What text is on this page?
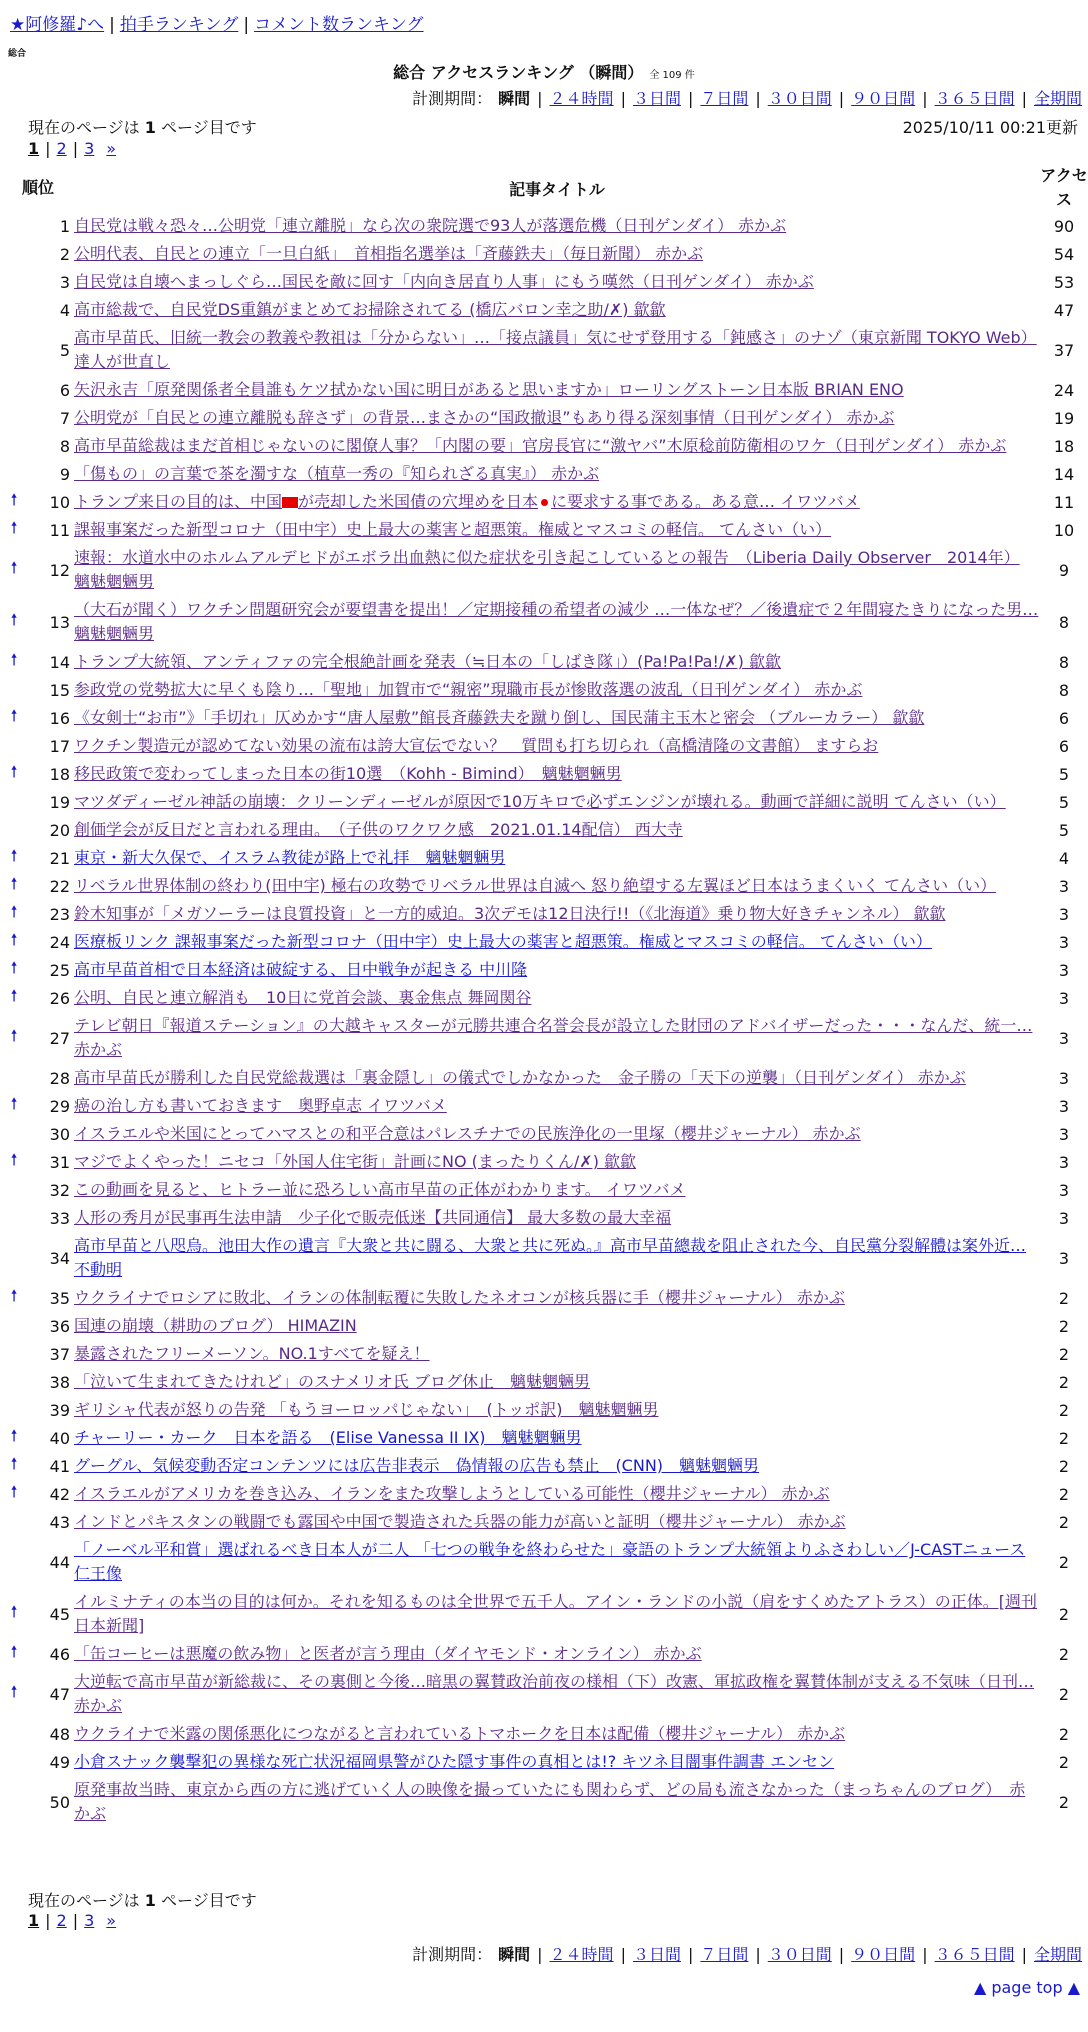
★阿修羅♪へ | 拍手ランキング | コメント数ランキング
総合
総合 アクセスランキング （瞬間） 全 109 件
計測期間： 瞬間 | ２４時間 | ３日間 | ７日間 | ３０日間 | ９０日間 | ３６５日間 | 全期間
現在のページは 1 ページ目です	2025/10/11 00:21更新
1 | 2 | 3 »
順位		記事タイトル	アクセス
	1	自民党は戦々恐々…公明党「連立離脱」なら次の衆院選で93人が落選危機（日刊ゲンダイ） 赤かぶ	90
	2	公明代表、自民との連立「一旦白紙」　首相指名選挙は「斉藤鉄夫」（毎日新聞） 赤かぶ	54
	3	自民党は自壊へまっしぐら…国民を敵に回す「内向き居直り人事」にもう嘆然（日刊ゲンダイ） 赤かぶ	53
	4	高市総裁で、自民党DS重鎮がまとめてお掃除されてる (橋広バロン幸之助/✗) 歙歙	47
	5	高市早苗氏、旧統一教会の教義や教祖は「分からない」…「接点議員」気にせず登用する「鈍感さ」のナゾ（東京新聞 TOKYO Web） 達人が世直し	37
	6	矢沢永吉「原発関係者全員誰もケツ拭かない国に明日があると思いますか」ローリングストーン日本版 BRIAN ENO	24
	7	公明党が「自民との連立離脱も辞さず」の背景…まさかの“国政撤退”もあり得る深刻事情（日刊ゲンダイ） 赤かぶ	19
	8	高市早苗総裁はまだ首相じゃないのに閣僚人事？「内閣の要」官房長官に“激ヤバ”木原稔前防衛相のワケ（日刊ゲンダイ） 赤かぶ	18
	9	「傷もの」の言葉で茶を濁すな（植草一秀の『知られざる真実』） 赤かぶ	14
🠕	10	トランプ来日の目的は、中国 が売却した米国債の穴埋めを日本 に要求する事である。ある意… イワツバメ	11
🠕	11	課報事案だった新型コロナ（田中宇）史上最大の薬害と超悪策。権威とマスコミの軽信。 てんさい（い）	10
🠕	12	速報：水道水中のホルムアルデヒドがエボラ出血熱に似た症状を引き起こしているとの報告　（Liberia Daily Observer　2014年） 魑魅魍魎男	9
🠕	13	（大石が聞く）ワクチン問題研究会が要望書を提出！／定期接種の希望者の減少 …一体なぜ？／後遺症で２年間寝たきりになった男… 魑魅魍魎男	8
🠕	14	トランプ大統領、アンティファの完全根絶計画を発表（≒日本の「しばき隊」）(Pa!Pa!Pa!/✗) 歙歙	8
	15	参政党の党勢拡大に早くも陰り…「聖地」加賀市で“親密”現職市長が惨敗落選の波乱（日刊ゲンダイ） 赤かぶ	8
🠕	16	《女剣士“お市”》「手切れ」仄めかす“唐人屋敷”館長斉藤鉄夫を蹴り倒し、国民蒲主玉木と密会 （ブルーカラー） 歙歙	6
	17	ワクチン製造元が認めてない効果の流布は誇大宣伝でない？　質問も打ち切られ（高橋清隆の文書館） ますらお	6
🠕	18	移民政策で変わってしまった日本の街10選　（Kohh - Bimind）　魑魅魍魎男	5
	19	マツダディーゼル神話の崩壊：クリーンディーゼルが原因で10万キロで必ずエンジンが壊れる。動画で詳細に説明 てんさい（い）	5
	20	創価学会が反日だと言われる理由。　（子供のワクワク感　2021.01.14配信） 西大寺	5
🠕	21	東京・新大久保で、イスラム教徒が路上で礼拝　魑魅魍魎男	4
🠕	22	リベラル世界体制の終わり(田中宇) 極右の攻勢でリベラル世界は自滅へ 怒り絶望する左翼ほど日本はうまくいく てんさい（い）	3
🠕	23	鈴木知事が「メガソーラーは良質投資」と一方的威迫。3次デモは12日決行!!（《北海道》乗り物大好きチャンネル） 歙歙	3
🠕	24	医療板リンク 課報事案だった新型コロナ（田中宇）史上最大の薬害と超悪策。権威とマスコミの軽信。 てんさい（い）	3
🠕	25	高市早苗首相で日本経済は破綻する、日中戦争が起きる 中川隆	3
🠕	26	公明、自民と連立解消も　10日に党首会談、裏金焦点 舞岡関谷	3
🠕	27	テレビ朝日『報道ステーション』の大越キャスターが元勝共連合名誉会長が設立した財団のアドバイザーだった・・・なんだ、統一… 赤かぶ	3
	28	高市早苗氏が勝利した自民党総裁選は「裏金隠し」の儀式でしかなかった　金子勝の「天下の逆襲」（日刊ゲンダイ） 赤かぶ	3
🠕	29	癌の治し方も書いておきます　奥野卓志 イワツバメ	3
	30	イスラエルや米国にとってハマスとの和平合意はパレスチナでの民族浄化の一里塚（櫻井ジャーナル） 赤かぶ	3
🠕	31	マジでよくやった！ニセコ「外国人住宅街」計画にNO (まったりくん/✗) 歙歙	3
	32	この動画を見ると、ヒトラー並に恐ろしい高市早苗の正体がわかります。 イワツバメ	3
	33	人形の秀月が民事再生法申請　少子化で販売低迷【共同通信】 最大多数の最大幸福	3
	34	高市早苗と八咫烏。池田大作の遺言『大衆と共に闘る、大衆と共に死ぬ。』高市早苗總裁を阻止された今、自民黨分裂解體は案外近… 不動明	3
🠕	35	ウクライナでロシアに敗北、イランの体制転覆に失敗したネオコンが核兵器に手（櫻井ジャーナル） 赤かぶ	2
	36	国連の崩壊（耕助のブログ） HIMAZIN	2
	37	暴露されたフリーメーソン。NO.1すべてを疑え！	2
	38	「泣いて生まれてきたけれど」のスナメリオ氏 ブログ休止　魑魅魍魎男	2
	39	ギリシャ代表が怒りの告発 「もうヨーロッパじゃない」　(トッポ訳)　魑魅魍魎男	2
🠕	40	チャーリー・カーク　日本を語る　(Elise Vanessa II IX)　魑魅魍魎男	2
🠕	41	グーグル、気候変動否定コンテンツには広告非表示　偽情報の広告も禁止　(CNN)　魑魅魍魎男	2
🠕	42	イスラエルがアメリカを巻き込み、イランをまた攻撃しようとしている可能性（櫻井ジャーナル） 赤かぶ	2
	43	インドとパキスタンの戦闘でも露国や中国で製造された兵器の能力が高いと証明（櫻井ジャーナル） 赤かぶ	2
	44	「ノーベル平和賞」選ばれるべき日本人が二人 「七つの戦争を終わらせた」豪語のトランプ大統領よりふさわしい／J-CASTニュース 仁王像	2
🠕	45	イルミナティの本当の目的は何か。それを知るものは全世界で五千人。アイン・ランドの小説（肩をすくめたアトラス）の正体。[週刊日本新聞]	2
🠕	46	「缶コーヒーは悪魔の飲み物」と医者が言う理由（ダイヤモンド・オンライン） 赤かぶ	2
🠕	47	大逆転で高市早苗が新総裁に、その裏側と今後…暗黒の翼賛政治前夜の様相（下）改憲、軍拡政権を翼賛体制が支える不気味（日刊… 赤かぶ	2
	48	ウクライナで米露の関係悪化につながると言われているトマホークを日本は配備（櫻井ジャーナル） 赤かぶ	2
	49	小倉スナック襲撃犯の異様な死亡状況福岡県警がひた隠す事件の真相とは!? キツネ目闇事件調書 エンセン	2
	50	原発事故当時、東京から西の方に逃げていく人の映像を撮っていたにも関わらず、どの局も流さなかった（まっちゃんのブログ）　赤かぶ	2
現在のページは 1 ページ目です
1 | 2 | 3 »
計測期間： 瞬間 | ２４時間 | ３日間 | ７日間 | ３０日間 | ９０日間 | ３６５日間 | 全期間
▲ page top ▲
